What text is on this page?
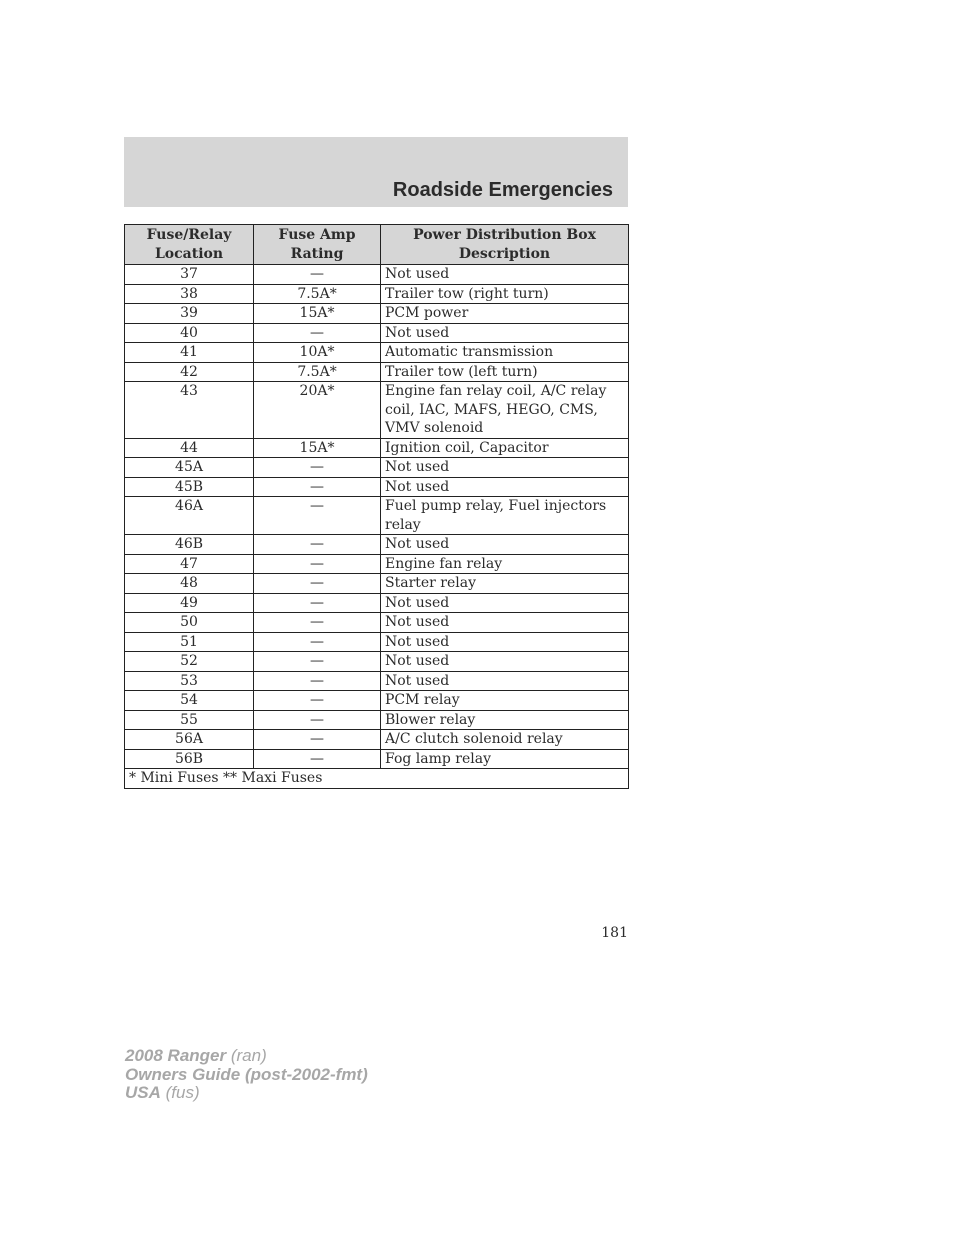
Roadside Emergencies
Fuse/Relay Location	Fuse Amp Rating	Power Distribution Box Description
37	—	Not used
38	7.5A*	Trailer tow (right turn)
39	15A*	PCM power
40	—	Not used
41	10A*	Automatic transmission
42	7.5A*	Trailer tow (left turn)
43	20A*	Engine fan relay coil, A/C relay coil, IAC, MAFS, HEGO, CMS, VMV solenoid
44	15A*	Ignition coil, Capacitor
45A	—	Not used
45B	—	Not used
46A	—	Fuel pump relay, Fuel injectors relay
46B	—	Not used
47	—	Engine fan relay
48	—	Starter relay
49	—	Not used
50	—	Not used
51	—	Not used
52	—	Not used
53	—	Not used
54	—	PCM relay
55	—	Blower relay
56A	—	A/C clutch solenoid relay
56B	—	Fog lamp relay
* Mini Fuses ** Maxi Fuses		
181
2008 Ranger (ran)
Owners Guide (post-2002-fmt)
USA (fus)
